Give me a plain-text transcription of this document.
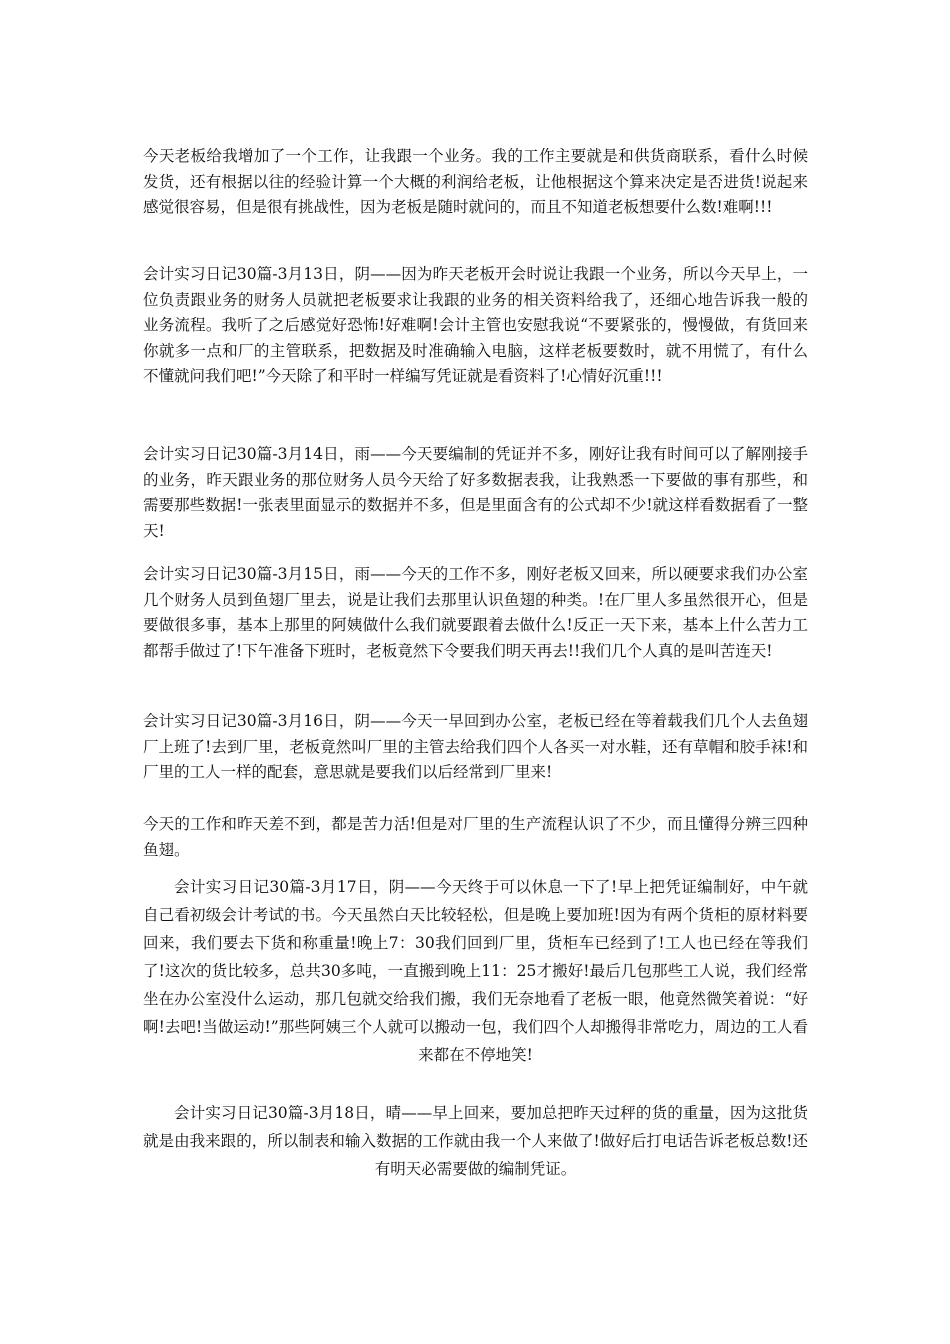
今天老板给我增加了一个工作，让我跟一个业务。我的工作主要就是和供货商联系，看什么时候发货，还有根据以往的经验计算一个大概的利润给老板，让他根据这个算来决定是否进货!说起来感觉很容易，但是很有挑战性，因为老板是随时就问的，而且不知道老板想要什么数!难啊!!!

会计实习日记30篇-3月13日，阴——因为昨天老板开会时说让我跟一个业务，所以今天早上，一位负责跟业务的财务人员就把老板要求让我跟的业务的相关资料给我了，还细心地告诉我一般的业务流程。我听了之后感觉好恐怖!好难啊!会计主管也安慰我说“不要紧张的，慢慢做，有货回来你就多一点和厂的主管联系，把数据及时准确输入电脑，这样老板要数时，就不用慌了，有什么不懂就问我们吧!”今天除了和平时一样编写凭证就是看资料了!心情好沉重!!!

会计实习日记30篇-3月14日，雨——今天要编制的凭证并不多，刚好让我有时间可以了解刚接手的业务，昨天跟业务的那位财务人员今天给了好多数据表我，让我熟悉一下要做的事有那些，和需要那些数据!一张表里面显示的数据并不多，但是里面含有的公式却不少!就这样看数据看了一整天!

会计实习日记30篇-3月15日，雨——今天的工作不多，刚好老板又回来，所以硬要求我们办公室几个财务人员到鱼翅厂里去，说是让我们去那里认识鱼翅的种类。!在厂里人多虽然很开心，但是要做很多事，基本上那里的阿姨做什么我们就要跟着去做什么!反正一天下来，基本上什么苦力工都帮手做过了!下午准备下班时，老板竟然下令要我们明天再去!!我们几个人真的是叫苦连天!

会计实习日记30篇-3月16日，阴——今天一早回到办公室，老板已经在等着载我们几个人去鱼翅厂上班了!去到厂里，老板竟然叫厂里的主管去给我们四个人各买一对水鞋，还有草帽和胶手袜!和厂里的工人一样的配套，意思就是要我们以后经常到厂里来!

今天的工作和昨天差不到，都是苦力活!但是对厂里的生产流程认识了不少，而且懂得分辨三四种鱼翅。

会计实习日记30篇-3月17日，阴——今天终于可以休息一下了!早上把凭证编制好，中午就自己看初级会计考试的书。今天虽然白天比较轻松，但是晚上要加班!因为有两个货柜的原材料要回来，我们要去下货和称重量!晚上7：30我们回到厂里，货柜车已经到了!工人也已经在等我们了!这次的货比较多，总共30多吨，一直搬到晚上11：25才搬好!最后几包那些工人说，我们经常坐在办公室没什么运动，那几包就交给我们搬，我们无奈地看了老板一眼，他竟然微笑着说：“好啊!去吧!当做运动!”那些阿姨三个人就可以搬动一包，我们四个人却搬得非常吃力，周边的工人看来都在不停地笑!

会计实习日记30篇-3月18日，晴——早上回来，要加总把昨天过秤的货的重量，因为这批货就是由我来跟的，所以制表和输入数据的工作就由我一个人来做了!做好后打电话告诉老板总数!还有明天必需要做的编制凭证。
